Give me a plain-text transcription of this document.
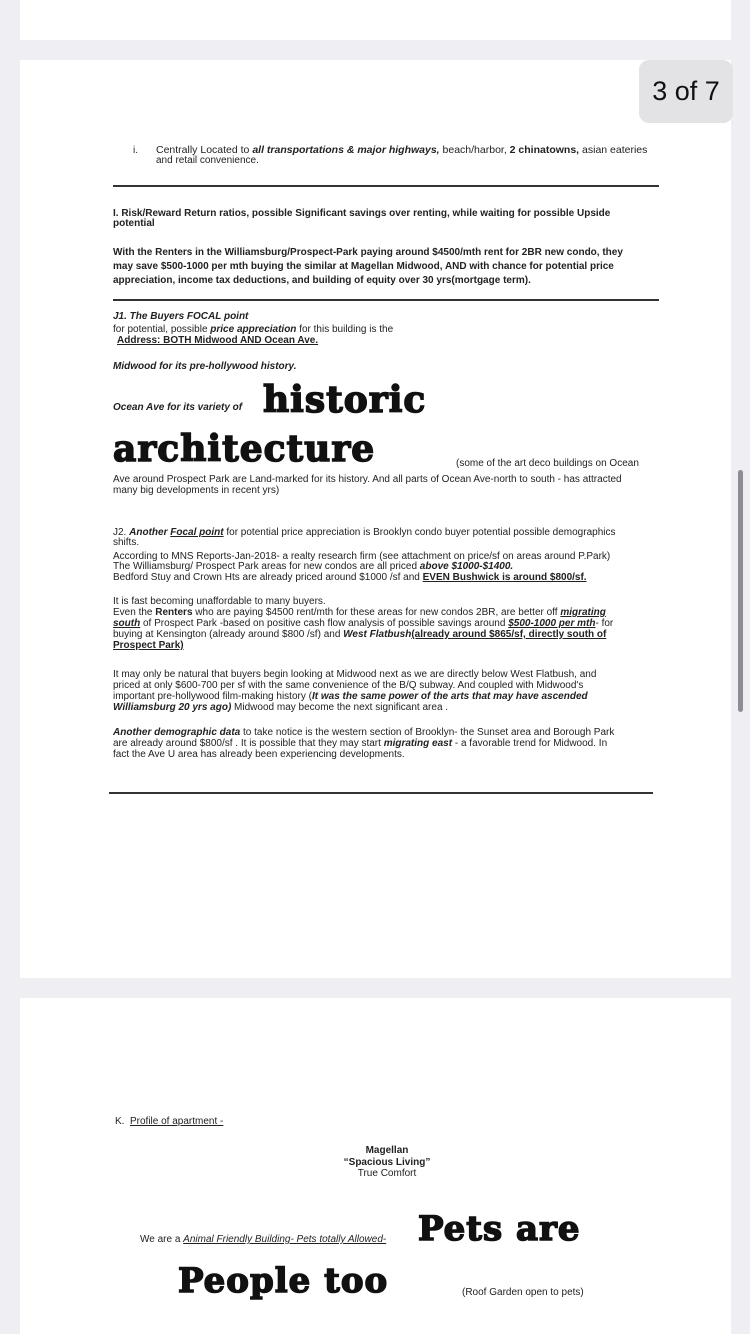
i. Centrally Located to all transportations & major highways, beach/harbor, 2 chinatowns, asian eateries
and retail convenience.
I. Risk/Reward Return ratios, possible Significant savings over renting, while waiting for possible Upside
potential
With the Renters in the Williamsburg/Prospect-Park paying around $4500/mth rent for 2BR new condo, they
may save $500-1000 per mth buying the similar at Magellan Midwood, AND with chance for potential price
appreciation, income tax deductions, and building of equity over 30 yrs(mortgage term).
J1. The Buyers FOCAL point
for potential, possible price appreciation for this building is the
Address: BOTH Midwood AND Ocean Ave.
Midwood for its pre-hollywood history.
Ocean Ave for its variety of historic
architecture	(some of the art deco buildings on Ocean
Ave around Prospect Park are Land-marked for its history. And all parts of Ocean Ave-north to south - has attracted
many big developments in recent yrs)
J2. Another Focal point for potential price appreciation is Brooklyn condo buyer potential possible demographics
shifts.
According to MNS Reports-Jan-2018- a realty research firm (see attachment on price/sf on areas around P.Park)
The Williamsburg/ Prospect Park areas for new condos are all priced above $1000-$1400.
Bedford Stuy and Crown Hts are already priced around $1000 /sf and EVEN Bushwick is around $800/sf.
It is fast becoming unaffordable to many buyers.
Even the Renters who are paying $4500 rent/mth for these areas for new condos 2BR, are better off migrating
south of Prospect Park -based on positive cash flow analysis of possible savings around $500-1000 per mth- for
buying at Kensington (already around $800 /sf) and West Flatbush(already around $865/sf, directly south of
Prospect Park)
It may only be natural that buyers begin looking at Midwood next as we are directly below West Flatbush, and
priced at only $600-700 per sf with the same convenience of the B/Q subway. And coupled with Midwood's
important pre-hollywood film-making history (It was the same power of the arts that may have ascended
Williamsburg 20 yrs ago) Midwood may become the next significant area .
Another demographic data to take notice is the western section of Brooklyn- the Sunset area and Borough Park
are already around $800/sf . It is possible that they may start migrating east - a favorable trend for Midwood. In
fact the Ave U area has already been experiencing developments.
K. Profile of apartment -
Magellan
“Spacious Living”
True Comfort
We are a Animal Friendly Building- Pets totally Allowed- Pets are
People too	(Roof Garden open to pets)
3 of 7
